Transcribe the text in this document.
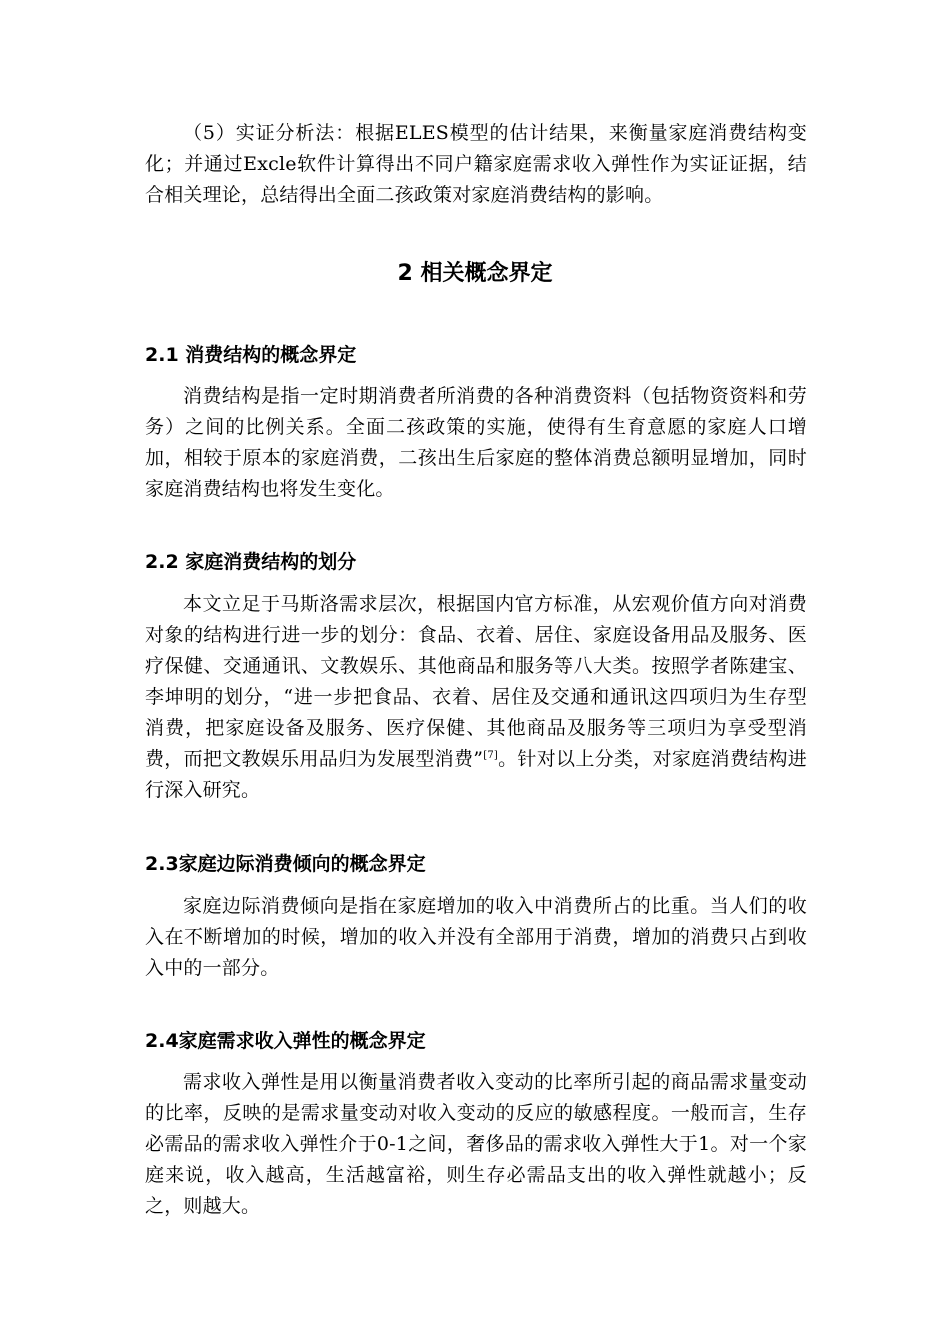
（5）实证分析法：根据ELES模型的估计结果，来衡量家庭消费结构变化；并通过Excle软件计算得出不同户籍家庭需求收入弹性作为实证证据，结合相关理论，总结得出全面二孩政策对家庭消费结构的影响。

2 相关概念界定
2.1 消费结构的概念界定

消费结构是指一定时期消费者所消费的各种消费资料（包括物资资料和劳务）之间的比例关系。全面二孩政策的实施，使得有生育意愿的家庭人口增加，相较于原本的家庭消费，二孩出生后家庭的整体消费总额明显增加，同时家庭消费结构也将发生变化。

2.2 家庭消费结构的划分

本文立足于马斯洛需求层次，根据国内官方标准，从宏观价值方向对消费对象的结构进行进一步的划分：食品、衣着、居住、家庭设备用品及服务、医疗保健、交通通讯、文教娱乐、其他商品和服务等八大类。按照学者陈建宝、李坤明的划分，“进一步把食品、衣着、居住及交通和通讯这四项归为生存型消费，把家庭设备及服务、医疗保健、其他商品及服务等三项归为享受型消费，而把文教娱乐用品归为发展型消费”[7]。针对以上分类，对家庭消费结构进行深入研究。

2.3家庭边际消费倾向的概念界定

家庭边际消费倾向是指在家庭增加的收入中消费所占的比重。当人们的收入在不断增加的时候，增加的收入并没有全部用于消费，增加的消费只占到收入中的一部分。

2.4家庭需求收入弹性的概念界定

需求收入弹性是用以衡量消费者收入变动的比率所引起的商品需求量变动的比率，反映的是需求量变动对收入变动的反应的敏感程度。一般而言，生存必需品的需求收入弹性介于0-1之间，奢侈品的需求收入弹性大于1。对一个家庭来说，收入越高，生活越富裕，则生存必需品支出的收入弹性就越小；反之，则越大。
